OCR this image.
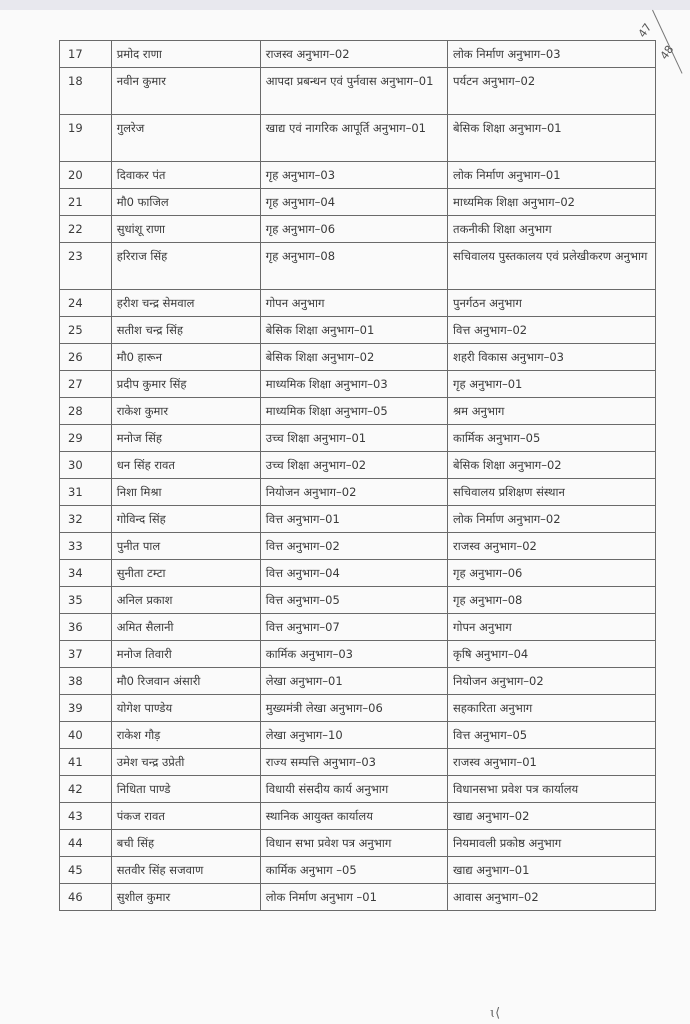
47
48
17	प्रमोद राणा	राजस्व अनुभाग–02	लोक निर्माण अनुभाग–03
18	नवीन कुमार	आपदा प्रबन्धन एवं पुर्नवास अनुभाग–01	पर्यटन अनुभाग–02
19	गुलरेज	खाद्य एवं नागरिक आपूर्ति अनुभाग–01	बेसिक शिक्षा अनुभाग–01
20	दिवाकर पंत	गृह अनुभाग–03	लोक निर्माण अनुभाग–01
21	मौ0 फाजिल	गृह अनुभाग–04	माध्यमिक शिक्षा अनुभाग–02
22	सुधांशू राणा	गृह अनुभाग–06	तकनीकी शिक्षा अनुभाग
23	हरिराज सिंह	गृह अनुभाग–08	सचिवालय पुस्तकालय एवं प्रलेखीकरण अनुभाग
24	हरीश चन्द्र सेमवाल	गोपन अनुभाग	पुनर्गठन अनुभाग
25	सतीश चन्द्र सिंह	बेसिक शिक्षा अनुभाग–01	वित्त अनुभाग–02
26	मौ0 हारून	बेसिक शिक्षा अनुभाग–02	शहरी विकास अनुभाग–03
27	प्रदीप कुमार सिंह	माध्यमिक शिक्षा अनुभाग–03	गृह अनुभाग–01
28	राकेश कुमार	माध्यमिक शिक्षा अनुभाग–05	श्रम अनुभाग
29	मनोज सिंह	उच्च शिक्षा अनुभाग–01	कार्मिक अनुभाग–05
30	धन सिंह रावत	उच्च शिक्षा अनुभाग–02	बेसिक शिक्षा अनुभाग–02
31	निशा मिश्रा	नियोजन अनुभाग–02	सचिवालय प्रशिक्षण संस्थान
32	गोविन्द सिंह	वित्त अनुभाग–01	लोक निर्माण अनुभाग–02
33	पुनीत पाल	वित्त अनुभाग–02	राजस्व अनुभाग–02
34	सुनीता टम्टा	वित्त अनुभाग–04	गृह अनुभाग–06
35	अनिल प्रकाश	वित्त अनुभाग–05	गृह अनुभाग–08
36	अमित सैलानी	वित्त अनुभाग–07	गोपन अनुभाग
37	मनोज तिवारी	कार्मिक अनुभाग–03	कृषि अनुभाग–04
38	मौ0 रिजवान अंसारी	लेखा अनुभाग–01	नियोजन अनुभाग–02
39	योगेश पाण्डेय	मुख्यमंत्री लेखा अनुभाग–06	सहकारिता अनुभाग
40	राकेश गौड़	लेखा अनुभाग–10	वित्त अनुभाग–05
41	उमेश चन्द्र उप्रेती	राज्य सम्पत्ति अनुभाग–03	राजस्व अनुभाग–01
42	निधिता पाण्डे	विधायी संसदीय कार्य अनुभाग	विधानसभा प्रवेश पत्र कार्यालय
43	पंकज रावत	स्थानिक आयुक्त कार्यालय	खाद्य अनुभाग–02
44	बची सिंह	विधान सभा प्रवेश पत्र अनुभाग	नियमावली प्रकोष्ठ अनुभाग
45	सतवीर सिंह सजवाण	कार्मिक अनुभाग –05	खाद्य अनुभाग–01
46	सुशील कुमार	लोक निर्माण अनुभाग –01	आवास अनुभाग–02
ɩ⟨
